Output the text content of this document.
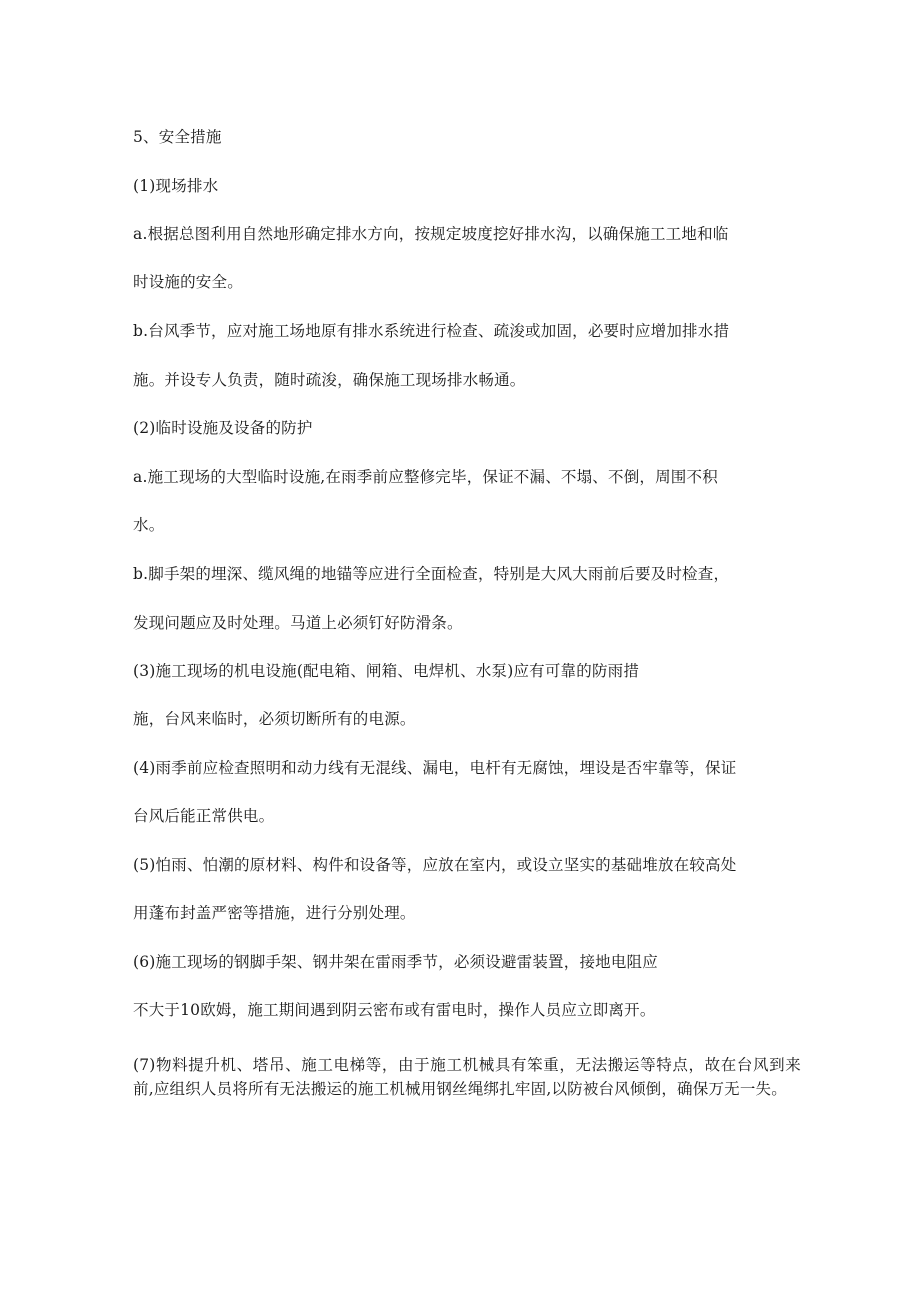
5、安全措施
(1)现场排水
a.根据总图利用自然地形确定排水方向，按规定坡度挖好排水沟，以确保施工工地和临
时设施的安全。
b.台风季节，应对施工场地原有排水系统进行检查、疏浚或加固，必要时应增加排水措
施。并设专人负责，随时疏浚，确保施工现场排水畅通。
(2)临时设施及设备的防护
a.施工现场的大型临时设施,在雨季前应整修完毕，保证不漏、不塌、不倒，周围不积
水。
b.脚手架的埋深、缆风绳的地锚等应进行全面检查，特别是大风大雨前后要及时检查，
发现问题应及时处理。马道上必须钉好防滑条。
(3)施工现场的机电设施(配电箱、闸箱、电焊机、水泵)应有可靠的防雨措
施，台风来临时，必须切断所有的电源。
(4)雨季前应检查照明和动力线有无混线、漏电，电杆有无腐蚀，埋设是否牢靠等，保证
台风后能正常供电。
(5)怕雨、怕潮的原材料、构件和设备等，应放在室内，或设立坚实的基础堆放在较高处
用蓬布封盖严密等措施，进行分别处理。
(6)施工现场的钢脚手架、钢井架在雷雨季节，必须设避雷装置，接地电阻应
不大于10欧姆，施工期间遇到阴云密布或有雷电时，操作人员应立即离开。
(7)物料提升机、塔吊、施工电梯等，由于施工机械具有笨重，无法搬运等特点，故在台风到来前,应组织人员将所有无法搬运的施工机械用钢丝绳绑扎牢固,以防被台风倾倒，确保万无一失。
